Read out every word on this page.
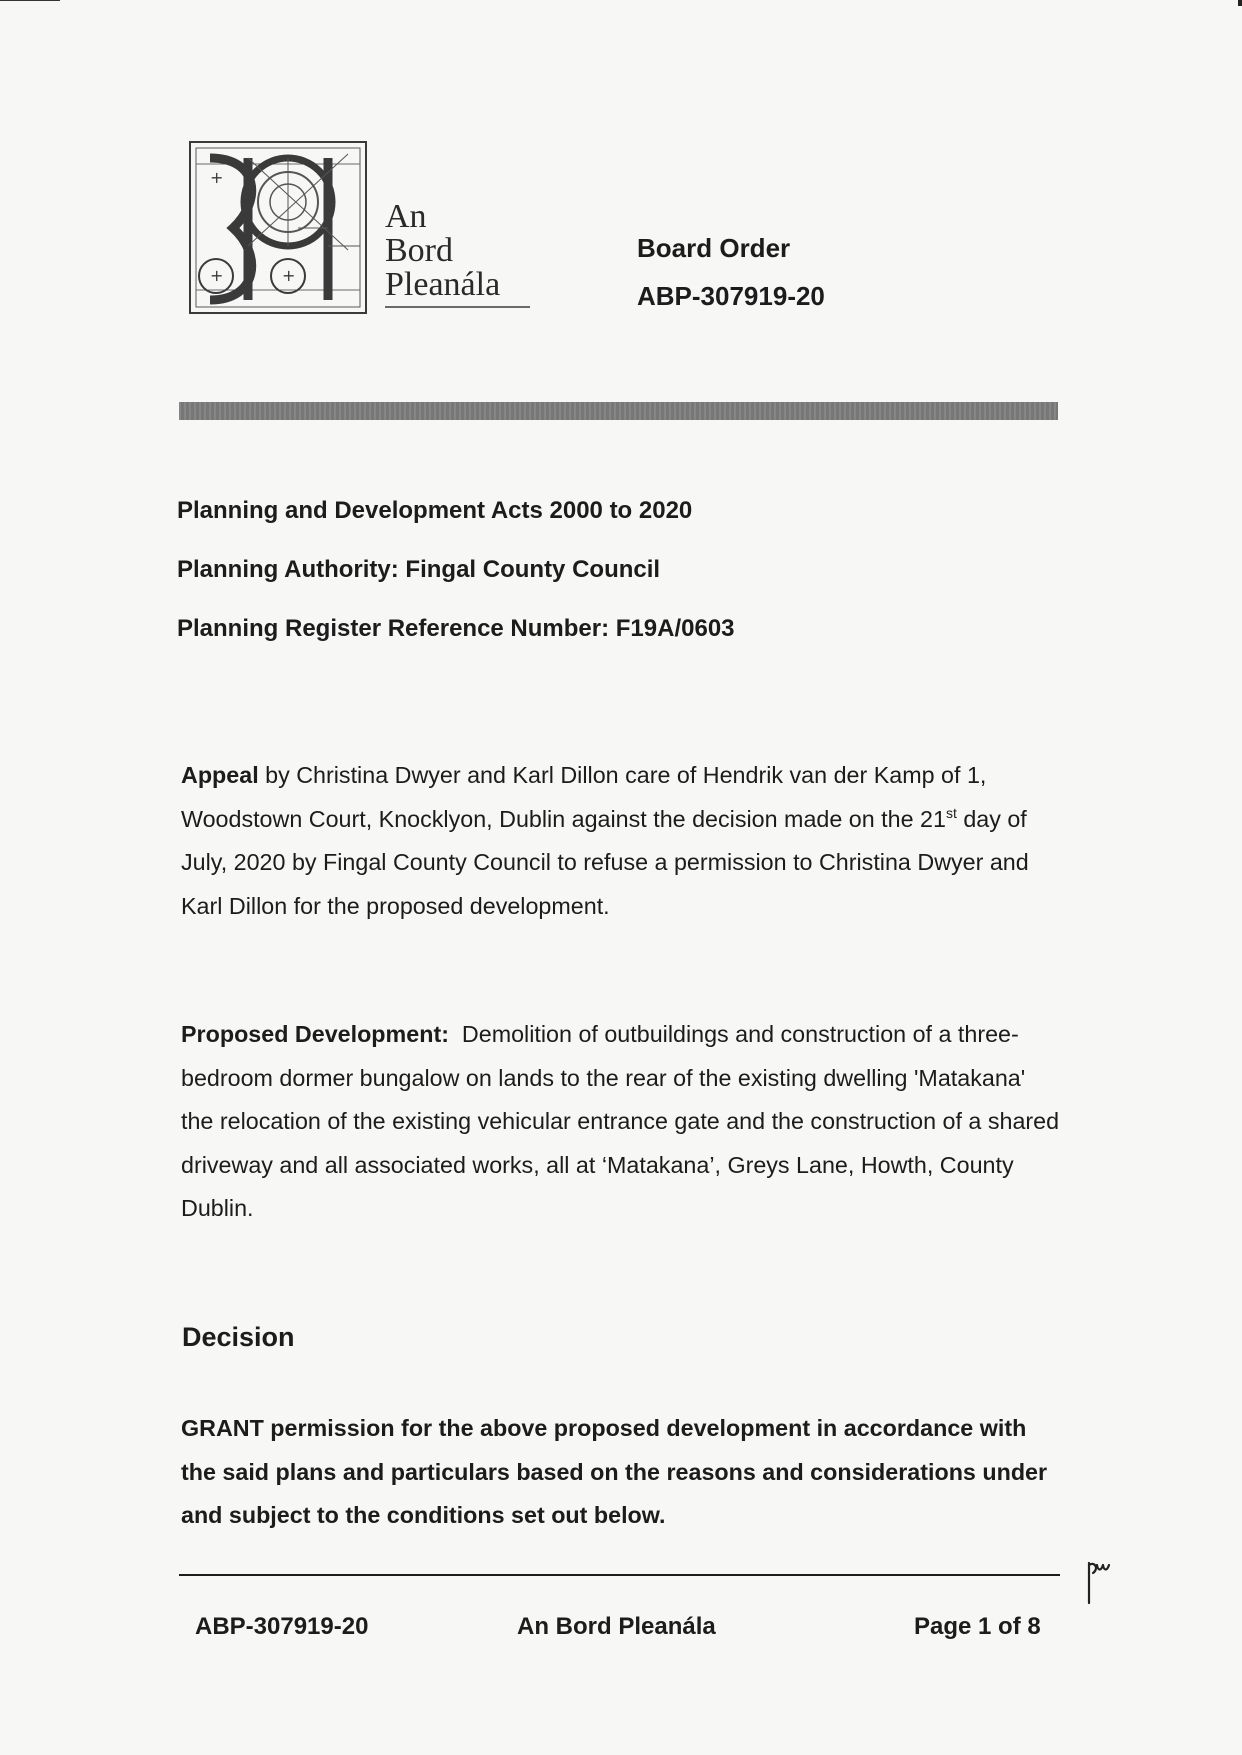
+
+	+
An
Bord
Pleanála
Board Order
ABP-307919-20
Planning and Development Acts 2000 to 2020
Planning Authority: Fingal County Council
Planning Register Reference Number: F19A/0603
Appeal by Christina Dwyer and Karl Dillon care of Hendrik van der Kamp of 1, Woodstown Court, Knocklyon, Dublin against the decision made on the 21st day of July, 2020 by Fingal County Council to refuse a permission to Christina Dwyer and Karl Dillon for the proposed development.
Proposed Development:  Demolition of outbuildings and construction of a three-bedroom dormer bungalow on lands to the rear of the existing dwelling 'Matakana' the relocation of the existing vehicular entrance gate and the construction of a shared driveway and all associated works, all at ‘Matakana’, Greys Lane, Howth, County Dublin.
Decision
GRANT permission for the above proposed development in accordance with the said plans and particulars based on the reasons and considerations under and subject to the conditions set out below.
ABP-307919-20	An Bord Pleanála	Page 1 of 8
